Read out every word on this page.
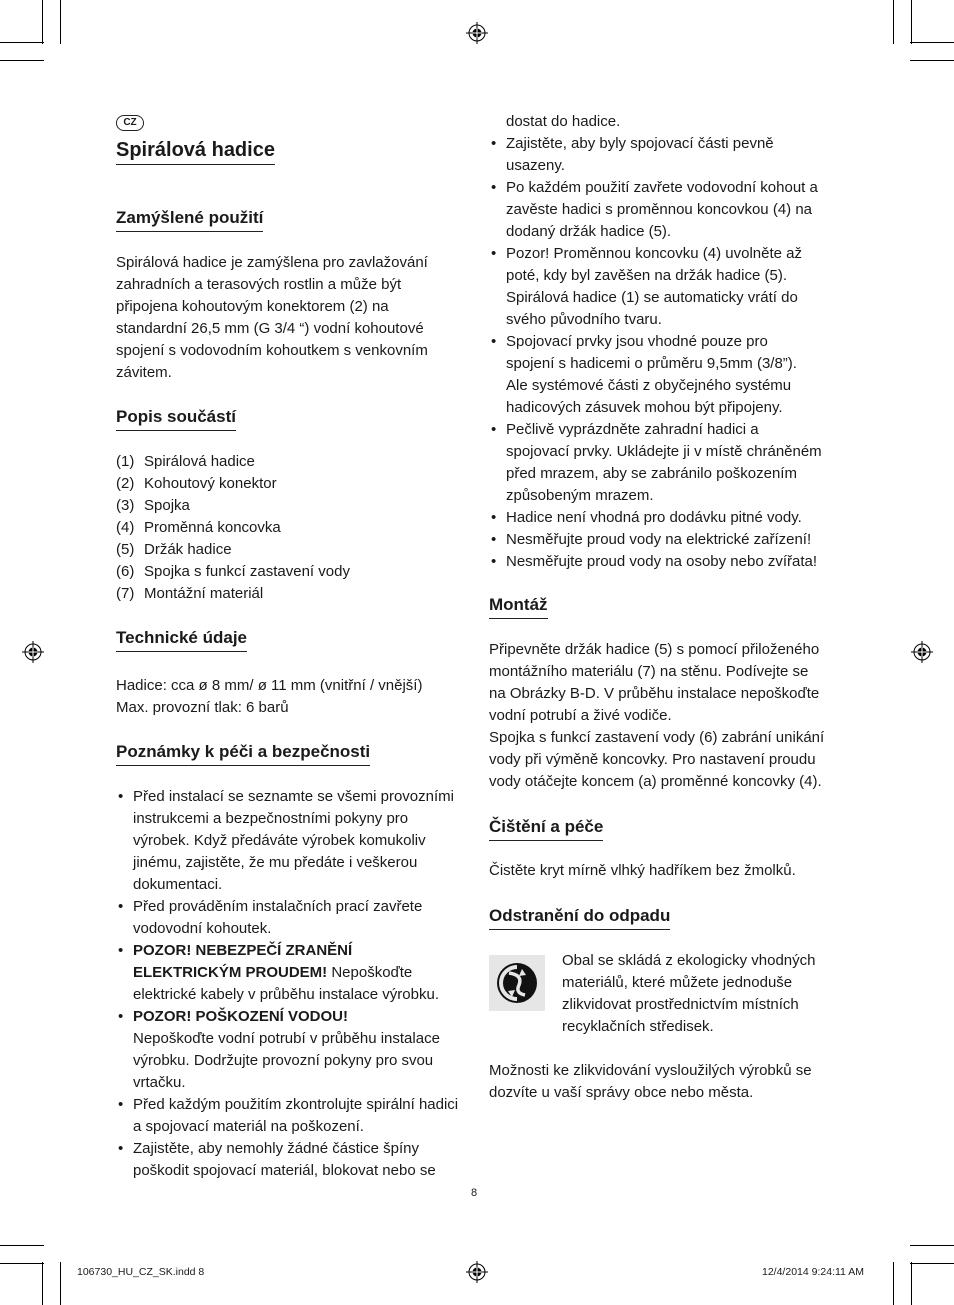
CZ
Spirálová hadice
Zamýšlené použití
Spirálová hadice je zamýšlena pro zavlažování
zahradních a terasových rostlin a může být
připojena kohoutovým konektorem (2) na
standardní 26,5 mm (G 3/4 “) vodní kohoutové
spojení s vodovodním kohoutkem s venkovním
závitem.
Popis součástí
(1) Spirálová hadice
(2) Kohoutový konektor
(3) Spojka
(4) Proměnná koncovka
(5) Držák hadice
(6) Spojka s funkcí zastavení vody
(7) Montážní materiál
Technické údaje
Hadice: cca ø 8 mm/ ø 11 mm (vnitřní / vnější)
Max. provozní tlak: 6 barů
Poznámky k péči a bezpečnosti
• Před instalací se seznamte se všemi provozními
instrukcemi a bezpečnostními pokyny pro
výrobek. Když předáváte výrobek komukoliv
jinému, zajistěte, že mu předáte i veškerou
dokumentaci.
• Před prováděním instalačních prací zavřete
vodovodní kohoutek.
• POZOR! NEBEZPEČÍ ZRANĚNÍ
ELEKTRICKÝM PROUDEM! Nepoškoďte
elektrické kabely v průběhu instalace výrobku.
• POZOR! POŠKOZENÍ VODOU!
Nepoškoďte vodní potrubí v průběhu instalace
výrobku. Dodržujte provozní pokyny pro svou
vrtačku.
• Před každým použitím zkontrolujte spirální hadici
a spojovací materiál na poškození.
• Zajistěte, aby nemohly žádné částice špíny
poškodit spojovací materiál, blokovat nebo se
dostat do hadice.
• Zajistěte, aby byly spojovací části pevně
usazeny.
• Po každém použití zavřete vodovodní kohout a
zavěste hadici s proměnnou koncovkou (4) na
dodaný držák hadice (5).
• Pozor! Proměnnou koncovku (4) uvolněte až
poté, kdy byl zavěšen na držák hadice (5).
Spirálová hadice (1) se automaticky vrátí do
svého původního tvaru.
• Spojovací prvky jsou vhodné pouze pro
spojení s hadicemi o průměru 9,5mm (3/8”).
Ale systémové části z obyčejného systému
hadicových zásuvek mohou být připojeny.
• Pečlivě vyprázdněte zahradní hadici a
spojovací prvky. Ukládejte ji v místě chráněném
před mrazem, aby se zabránilo poškozením
způsobeným mrazem.
• Hadice není vhodná pro dodávku pitné vody.
• Nesměřujte proud vody na elektrické zařízení!
• Nesměřujte proud vody na osoby nebo zvířata!
Montáž
Připevněte držák hadice (5) s pomocí přiloženého
montážního materiálu (7) na stěnu. Podívejte se
na Obrázky B-D. V průběhu instalace nepoškoďte
vodní potrubí a živé vodiče.
Spojka s funkcí zastavení vody (6) zabrání unikání
vody při výměně koncovky. Pro nastavení proudu
vody otáčejte koncem (a) proměnné koncovky (4).
Čištění a péče
Čistěte kryt mírně vlhký hadříkem bez žmolků.
Odstranění do odpadu
Obal se skládá z ekologicky vhodných
materiálů, které můžete jednoduše
zlikvidovat prostřednictvím místních
recyklačních středisek.
Možnosti ke zlikvidování vysloužilých výrobků se
dozvíte u vaší správy obce nebo města.
8
106730_HU_CZ_SK.indd 8	12/4/2014 9:24:11 AM
